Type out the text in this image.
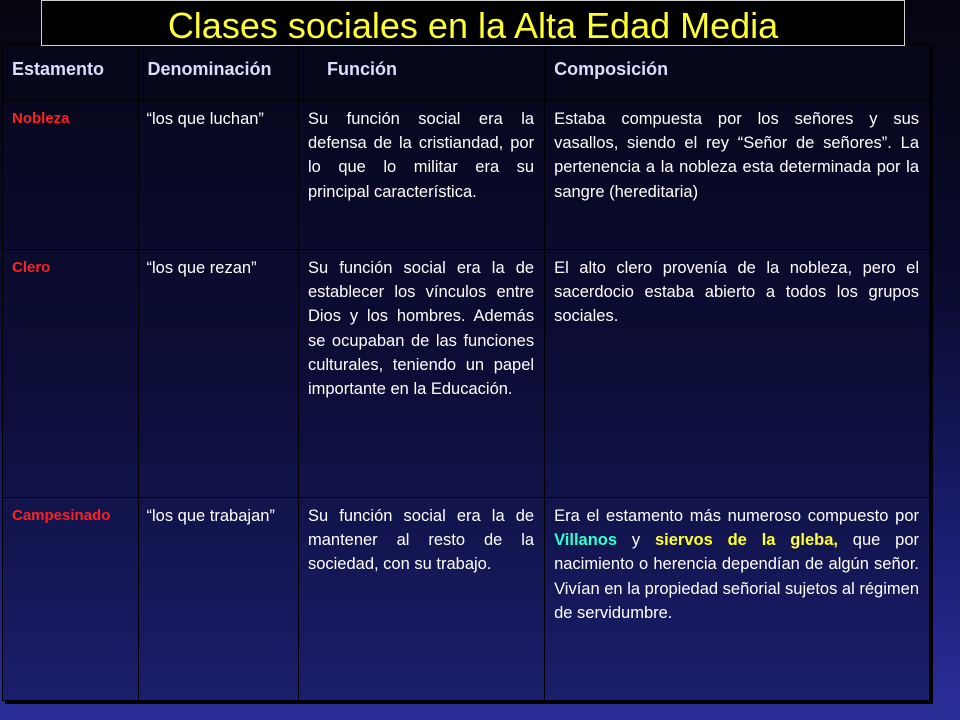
Clases sociales en la Alta Edad Media
Estamento	Denominación	Función	Composición
Nobleza	“los que luchan”	Su función social era la defensa de la cristiandad, por lo que lo militar era su principal característica.	Estaba compuesta por los señores y sus vasallos, siendo el rey “Señor de señores”. La pertenencia a la nobleza esta determinada por la sangre (hereditaria)
Clero	“los que rezan”	Su función social era la de establecer los vínculos entre Dios y los hombres. Además se ocupaban de las funciones culturales, teniendo un papel importante en la Educación.	El alto clero provenía de la nobleza, pero el sacerdocio estaba abierto a todos los grupos sociales.
Campesinado	“los que trabajan”	Su función social era la de mantener al resto de la sociedad, con su trabajo.	Era el estamento más numeroso compuesto por Villanos y siervos de la gleba, que por nacimiento o herencia dependían de algún señor. Vivían en la propiedad señorial sujetos al régimen de servidumbre.
